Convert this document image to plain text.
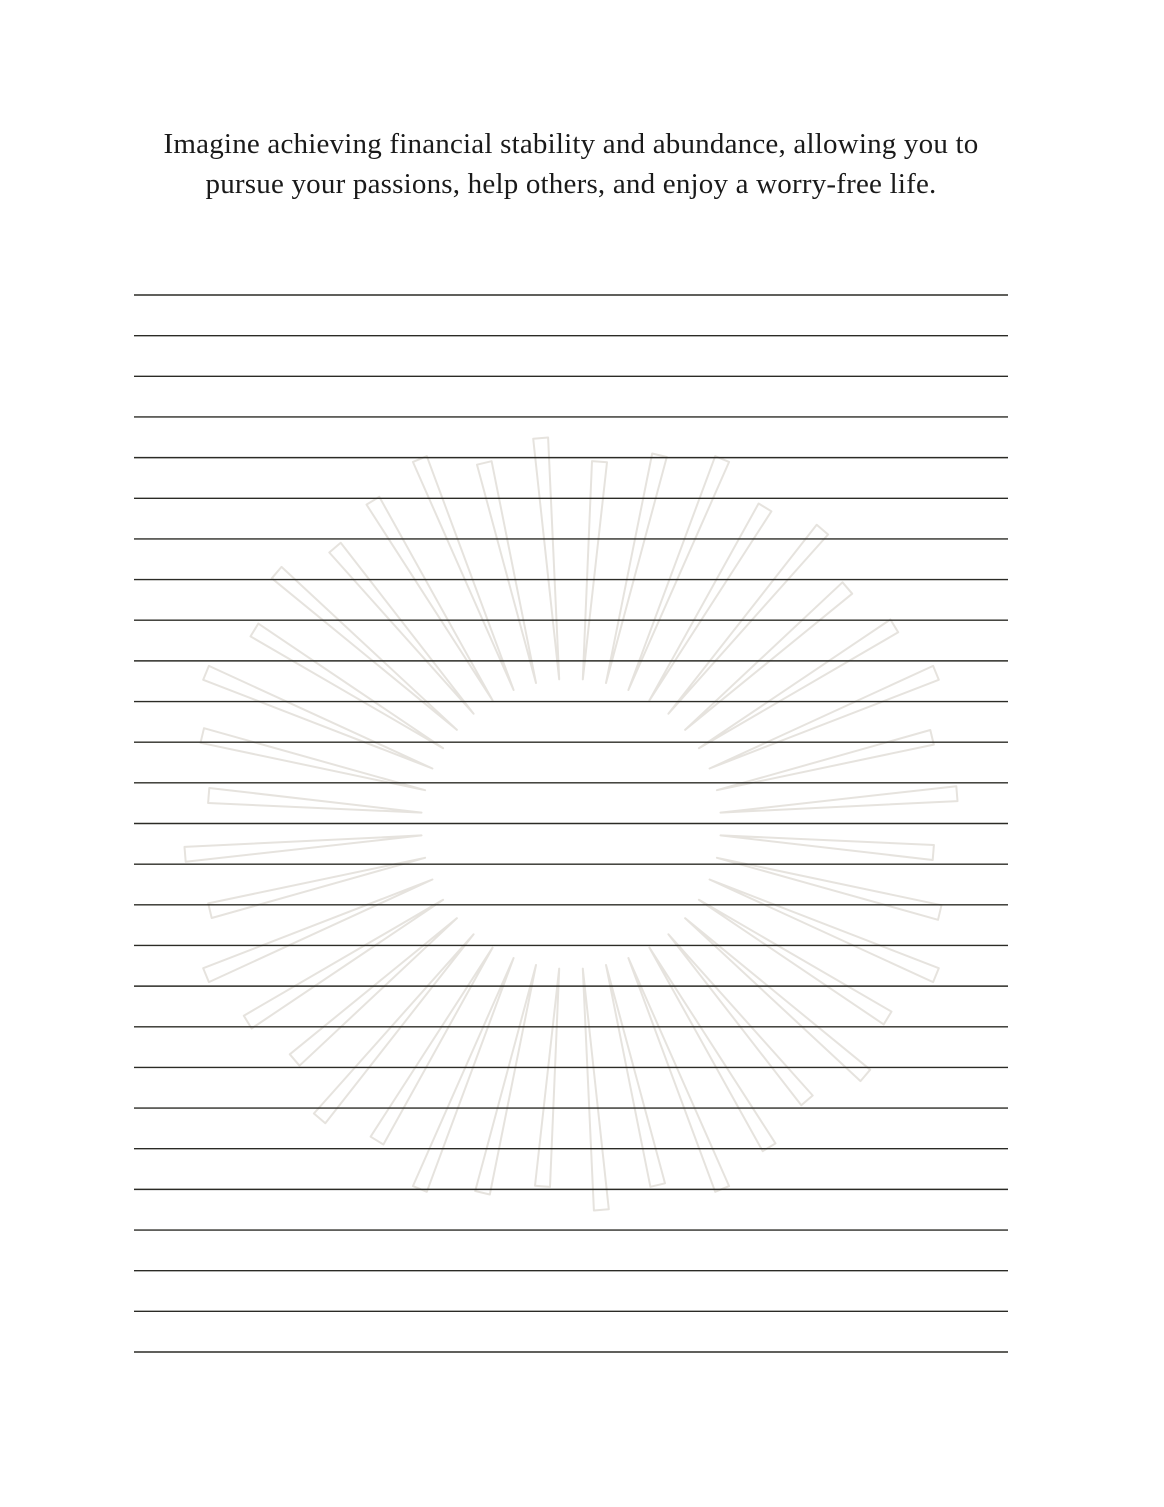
Imagine achieving financial stability and abundance, allowing you to pursue your passions, help others, and enjoy a worry-free life.
